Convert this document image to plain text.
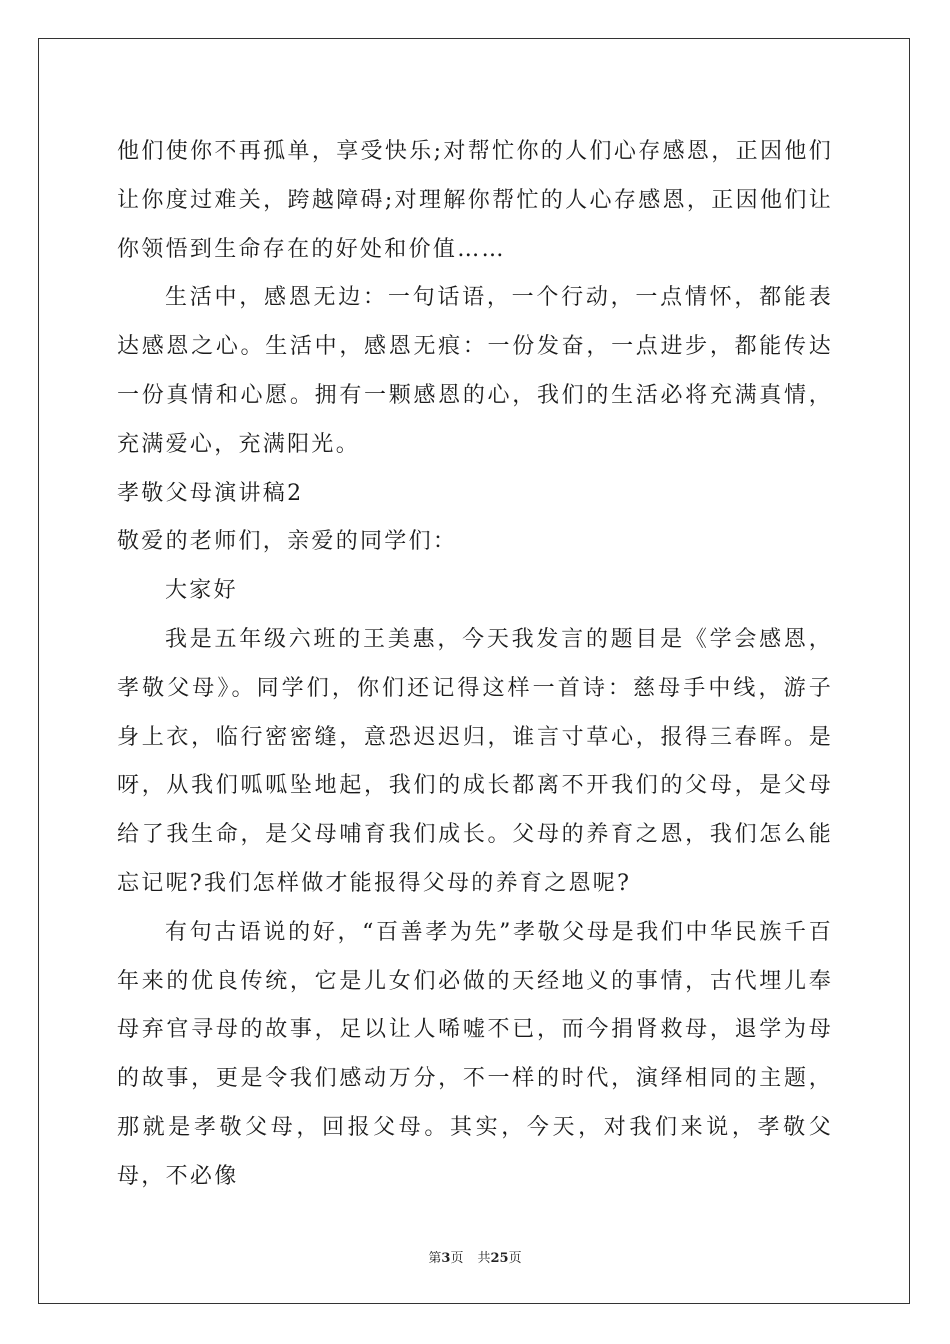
他们使你不再孤单，享受快乐;对帮忙你的人们心存感恩，正因他们让你度过难关，跨越障碍;对理解你帮忙的人心存感恩，正因他们让你领悟到生命存在的好处和价值……

生活中，感恩无边：一句话语，一个行动，一点情怀，都能表达感恩之心。生活中，感恩无痕：一份发奋，一点进步，都能传达一份真情和心愿。拥有一颗感恩的心，我们的生活必将充满真情，充满爱心，充满阳光。

孝敬父母演讲稿2

敬爱的老师们，亲爱的同学们：

大家好

我是五年级六班的王美惠，今天我发言的题目是《学会感恩，孝敬父母》。同学们，你们还记得这样一首诗：慈母手中线，游子身上衣，临行密密缝，意恐迟迟归，谁言寸草心，报得三春晖。是呀，从我们呱呱坠地起，我们的成长都离不开我们的父母，是父母给了我生命，是父母哺育我们成长。父母的养育之恩，我们怎么能忘记呢?我们怎样做才能报得父母的养育之恩呢?

有句古语说的好，“百善孝为先”孝敬父母是我们中华民族千百年来的优良传统，它是儿女们必做的天经地义的事情，古代埋儿奉母弃官寻母的故事，足以让人唏嘘不已，而今捐肾救母，退学为母的故事，更是令我们感动万分，不一样的时代，演绎相同的主题，那就是孝敬父母，回报父母。其实，今天，对我们来说，孝敬父母，不必像

第3页 共25页
